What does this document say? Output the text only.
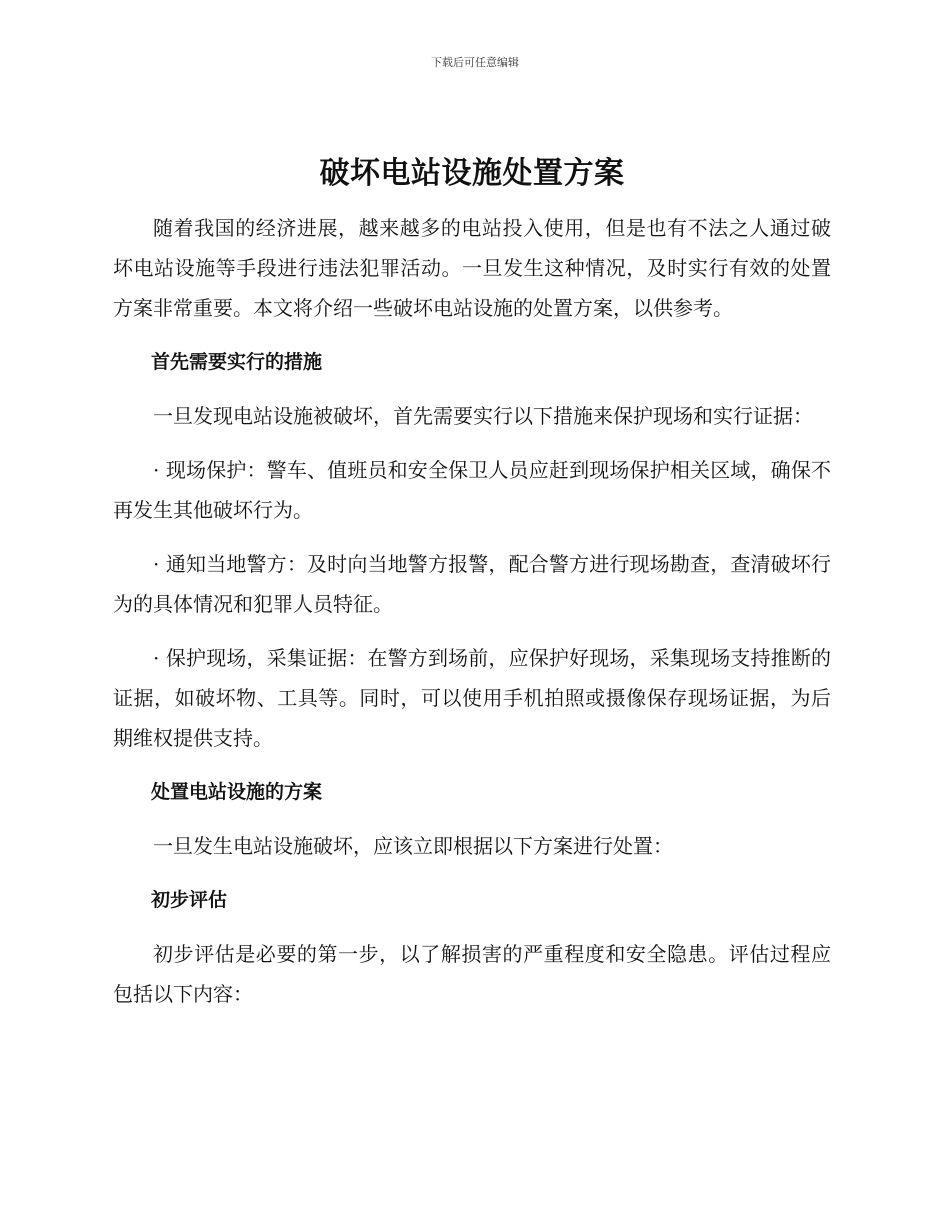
下载后可任意编辑
破坏电站设施处置方案

随着我国的经济进展，越来越多的电站投入使用，但是也有不法之人通过破坏电站设施等手段进行违法犯罪活动。一旦发生这种情况，及时实行有效的处置方案非常重要。本文将介绍一些破坏电站设施的处置方案，以供参考。

首先需要实行的措施

一旦发现电站设施被破坏，首先需要实行以下措施来保护现场和实行证据：

· 现场保护：警车、值班员和安全保卫人员应赶到现场保护相关区域，确保不再发生其他破坏行为。

· 通知当地警方：及时向当地警方报警，配合警方进行现场勘查，查清破坏行为的具体情况和犯罪人员特征。

· 保护现场，采集证据：在警方到场前，应保护好现场，采集现场支持推断的证据，如破坏物、工具等。同时，可以使用手机拍照或摄像保存现场证据，为后期维权提供支持。

处置电站设施的方案

一旦发生电站设施破坏，应该立即根据以下方案进行处置：

初步评估

初步评估是必要的第一步，以了解损害的严重程度和安全隐患。评估过程应包括以下内容：
